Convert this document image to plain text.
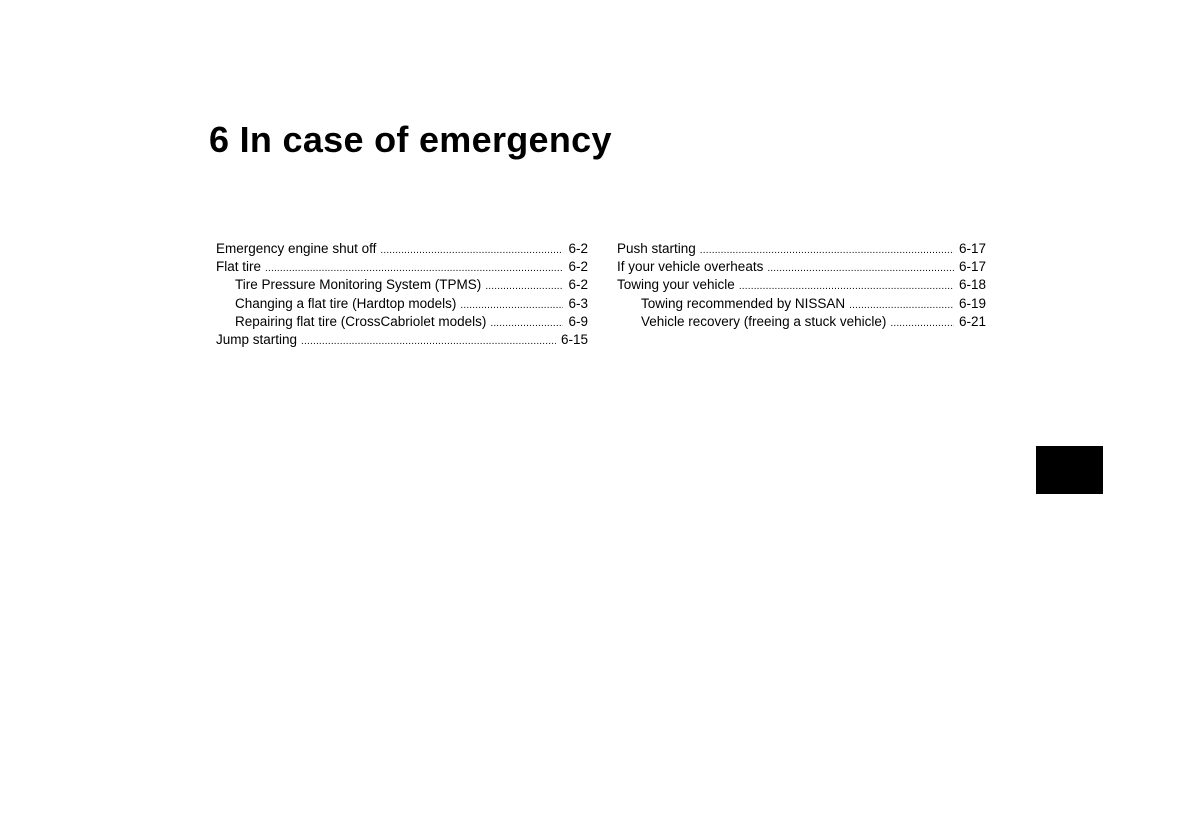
6 In case of emergency
Emergency engine shut off .....	6-2
Flat tire .....	6-2
Tire Pressure Monitoring System (TPMS) .....	6-2
Changing a flat tire (Hardtop models) .....	6-3
Repairing flat tire (CrossCabriolet models) .....	6-9
Jump starting .....	6-15
Push starting .....	6-17
If your vehicle overheats .....	6-17
Towing your vehicle .....	6-18
Towing recommended by NISSAN .....	6-19
Vehicle recovery (freeing a stuck vehicle) .....	6-21
